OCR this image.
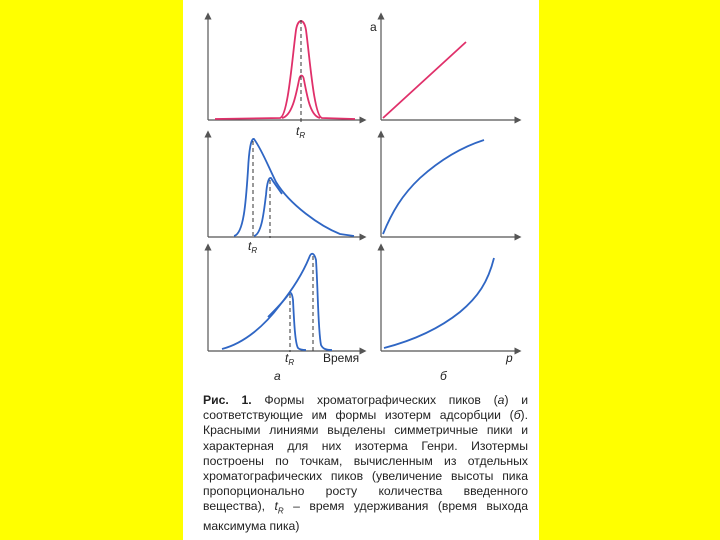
$t_R$
а
$t_R$
$t_R$ Время
а
p
б
Рис. 1. Формы хроматографических пиков (а) и соответствующие им формы изотерм адсорбции (б). Красными линиями выделены симметричные пики и характерная для них изотерма Генри. Изотермы построены по точкам, вычисленным из отдельных хроматографических пиков (увеличение высоты пика пропорционально росту количества введенного вещества), $t_R$ – время удерживания (время выхода максимума пика)
